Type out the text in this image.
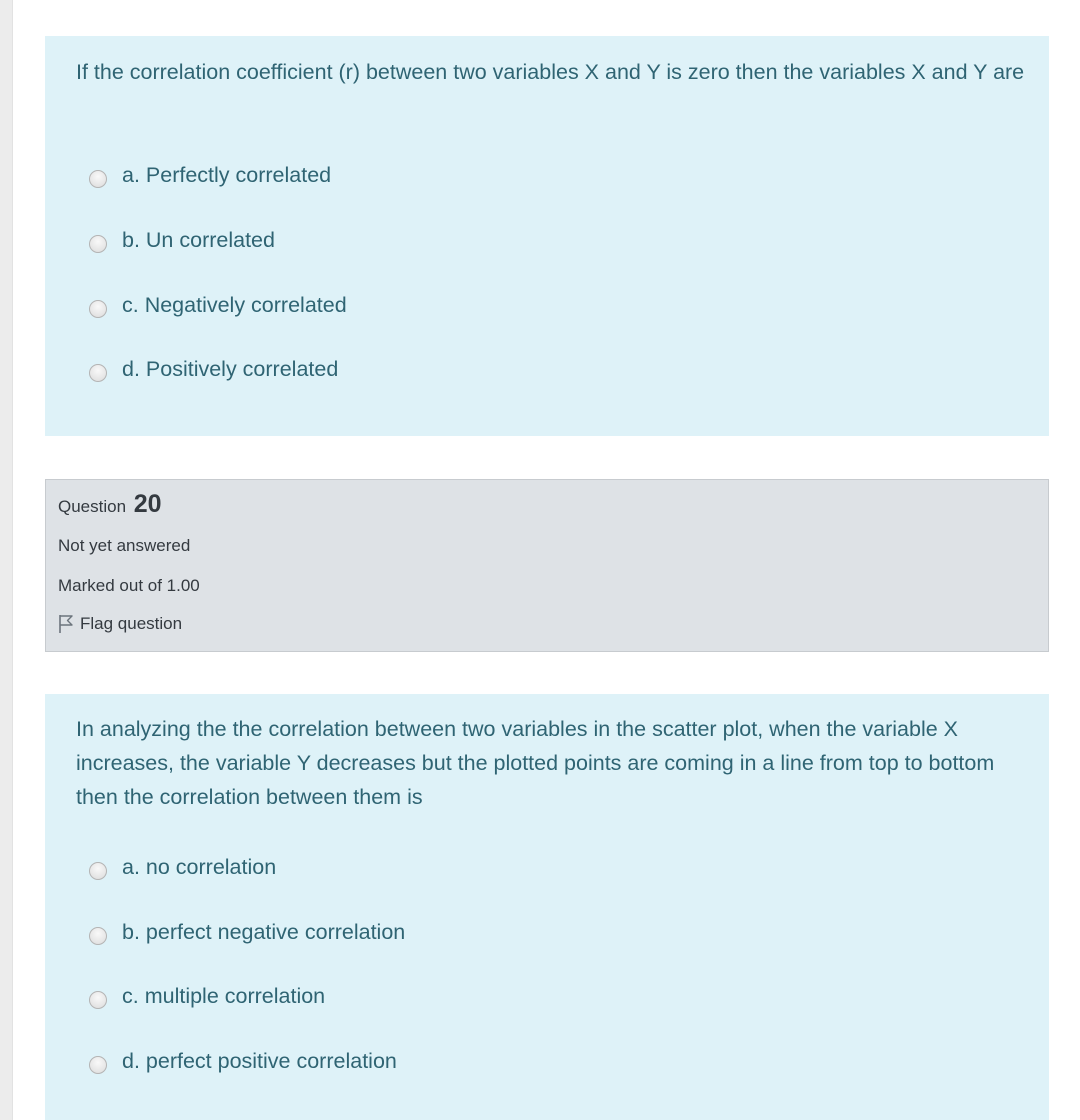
If the correlation coefficient (r) between two variables X and Y is zero then the variables X and Y are

a. Perfectly correlated
b. Un correlated
c. Negatively correlated
d. Positively correlated
Question 20
Not yet answered
Marked out of 1.00
Flag question

In analyzing the the correlation between two variables in the scatter plot, when the variable X increases, the variable Y decreases but the plotted points are coming in a line from top to bottom then the correlation between them is

a. no correlation
b. perfect negative correlation
c. multiple correlation
d. perfect positive correlation
